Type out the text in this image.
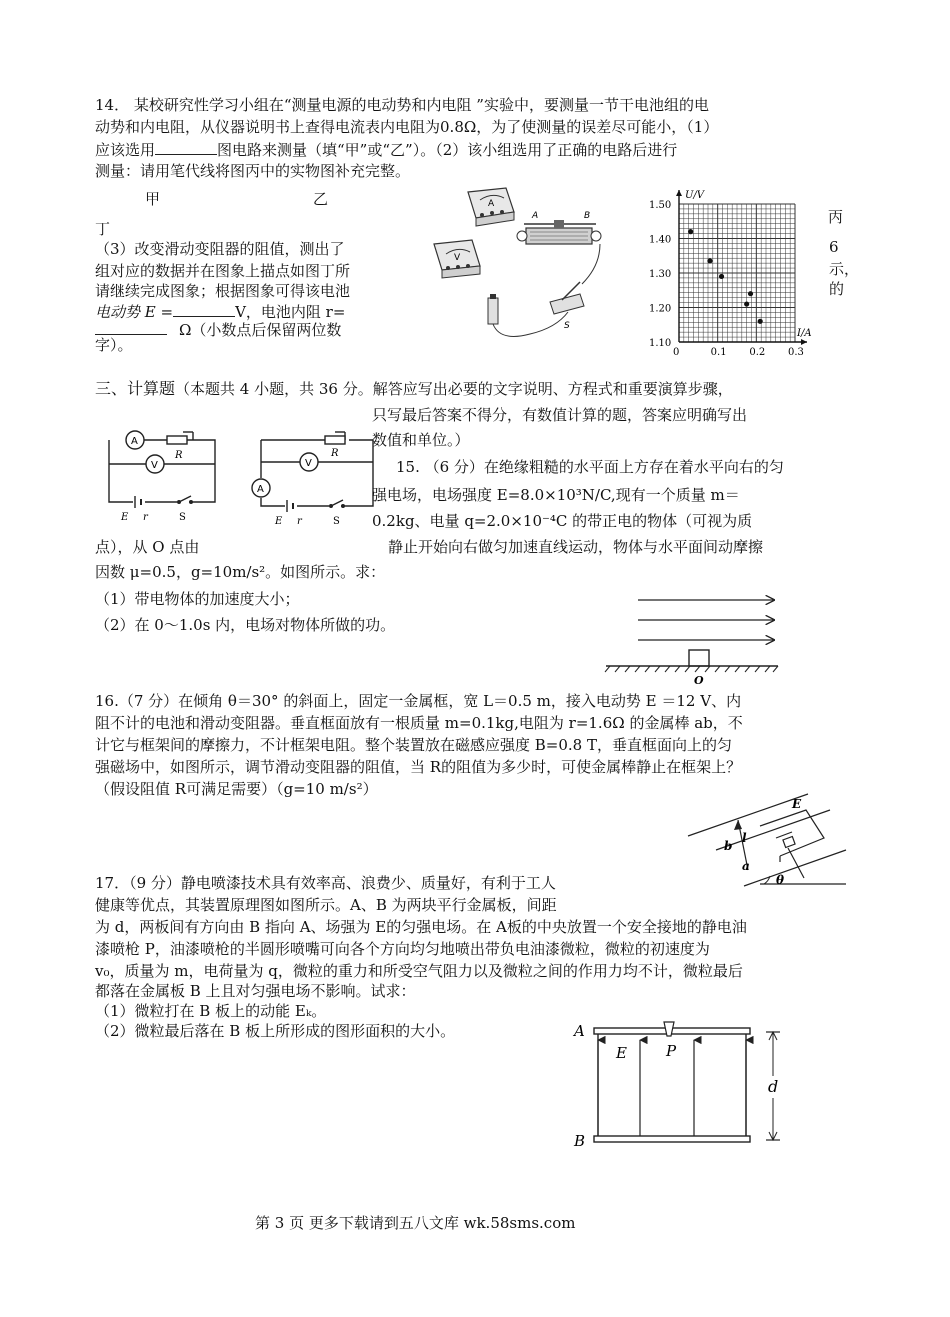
14． 某校研究性学习小组在“测量电源的电动势和内电阻 ”实验中，要测量一节干电池组的电
动势和内电阻，从仪器说明书上查得电流表内电阻为0.8Ω，为了使测量的误差尽可能小，（1）
应该选用	图电路来测量（填“甲”或“乙”）。（2）该小组选用了正确的电路后进行
测量：请用笔代线将图丙中的实物图补充完整。
甲	乙
丁
（3）改变滑动变阻器的阻值，测出了
组对应的数据并在图象上描点如图丁所
请继续完成图象；根据图象可得该电池
电动势 E =	V，电池内阻 r=
Ω（小数点后保留两位数
字）。
丙
6
示，
的
A
V
A	B
S
U/V
I/A
1.50
1.40
1.30
1.20
1.10
0	0.1 0.2 0.3
三、计算题（本题共 4 小题，共 36 分。解答应写出必要的文字说明、方程式和重要演算步骤，
只写最后答案不得分，有数值计算的题，答案应明确写出
数值和单位。）
A
R
V
E r	S
R
V
A
E r	S
15. （6 分）在绝缘粗糙的水平面上方存在着水平向右的匀
强电场，电场强度 E=8.0×10³N/C,现有一个质量 m＝
0.2kg、电量 q=2.0×10⁻⁴C 的带正电的物体（可视为质
点），从 O 点由	静止开始向右做匀加速直线运动，物体与水平面间动摩擦
因数 μ=0.5，g=10m/s²。如图所示。求：
（1）带电物体的加速度大小；
（2）在 0～1.0s 内，电场对物体所做的功。
O
16.（7 分）在倾角 θ＝30° 的斜面上，固定一金属框，宽 L＝0.5 m，接入电动势 E ＝12 V、内
阻不计的电池和滑动变阻器。垂直框面放有一根质量 m=0.1kg,电阻为 r=1.6Ω 的金属棒 ab，不
计它与框架间的摩擦力，不计框架电阻。整个装置放在磁感应强度 B=0.8 T，垂直框面向上的匀
强磁场中，如图所示，调节滑动变阻器的阻值，当 R的阻值为多少时，可使金属棒静止在框架上？
（假设阻值 R可满足需要）（g=10 m/s²）
E
b
l
a
θ
17．（9 分）静电喷漆技术具有效率高、浪费少、质量好，有利于工人
健康等优点，其装置原理图如图所示。A、B 为两块平行金属板，间距
为 d，两板间有方向由 B 指向 A、场强为 E的匀强电场。在 A板的中央放置一个安全接地的静电油
漆喷枪 P，油漆喷枪的半圆形喷嘴可向各个方向均匀地喷出带负电油漆微粒，微粒的初速度为
v₀，质量为 m，电荷量为 q，微粒的重力和所受空气阻力以及微粒之间的作用力均不计，微粒最后
都落在金属板 B 上且对匀强电场不影响。试求：
（1）微粒打在 B 板上的动能 Eₖ。
（2）微粒最后落在 B 板上所形成的图形面积的大小。	A
E	P
d
B
第 3 页 更多下载请到五八文库 wk.58sms.com
